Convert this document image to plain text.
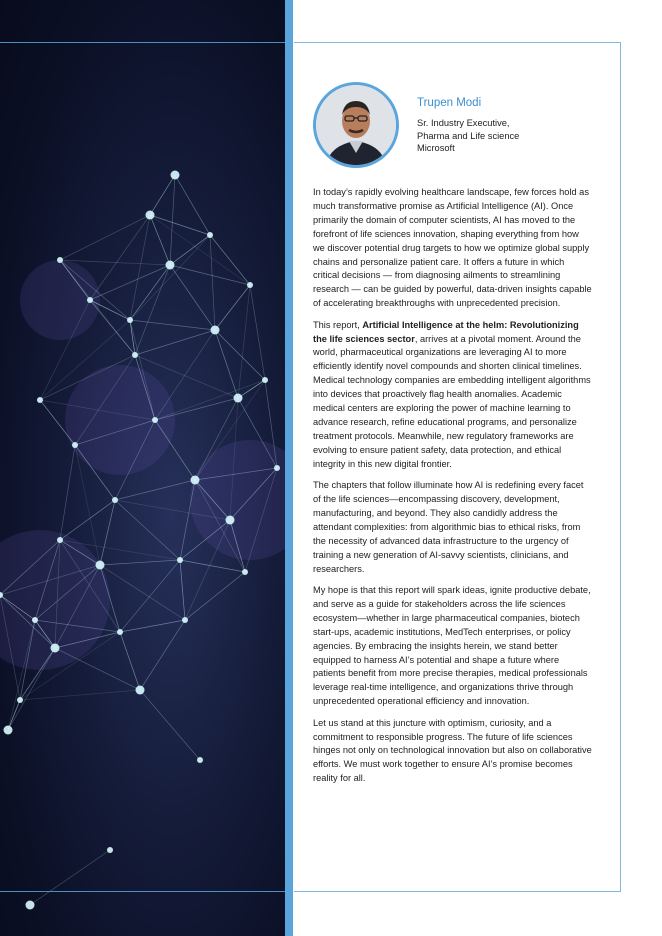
Trupen Modi
Sr. Industry Executive,
Pharma and Life science
Microsoft

In today’s rapidly evolving healthcare landscape, few forces hold as much transformative promise as Artificial Intelligence (AI). Once primarily the domain of computer scientists, AI has moved to the forefront of life sciences innovation, shaping everything from how we discover potential drug targets to how we optimize global supply chains and personalize patient care. It offers a future in which critical decisions — from diagnosing ailments to streamlining research — can be guided by powerful, data-driven insights capable of accelerating breakthroughs with unprecedented precision.

This report, Artificial Intelligence at the helm: Revolutionizing the life sciences sector, arrives at a pivotal moment. Around the world, pharmaceutical organizations are leveraging AI to more efficiently identify novel compounds and shorten clinical timelines. Medical technology companies are embedding intelligent algorithms into devices that proactively flag health anomalies. Academic medical centers are exploring the power of machine learning to advance research, refine educational programs, and personalize treatment protocols. Meanwhile, new regulatory frameworks are evolving to ensure patient safety, data protection, and ethical integrity in this new digital frontier.

The chapters that follow illuminate how AI is redefining every facet of the life sciences—encompassing discovery, development, manufacturing, and beyond. They also candidly address the attendant complexities: from algorithmic bias to ethical risks, from the necessity of advanced data infrastructure to the urgency of training a new generation of AI-savvy scientists, clinicians, and researchers.

My hope is that this report will spark ideas, ignite productive debate, and serve as a guide for stakeholders across the life sciences ecosystem—whether in large pharmaceutical companies, biotech start-ups, academic institutions, MedTech enterprises, or policy agencies. By embracing the insights herein, we stand better equipped to harness AI’s potential and shape a future where patients benefit from more precise therapies, medical professionals leverage real-time intelligence, and organizations thrive through unprecedented operational efficiency and innovation.

Let us stand at this juncture with optimism, curiosity, and a commitment to responsible progress. The future of life sciences hinges not only on technological innovation but also on collaborative efforts. We must work together to ensure AI’s promise becomes reality for all.
